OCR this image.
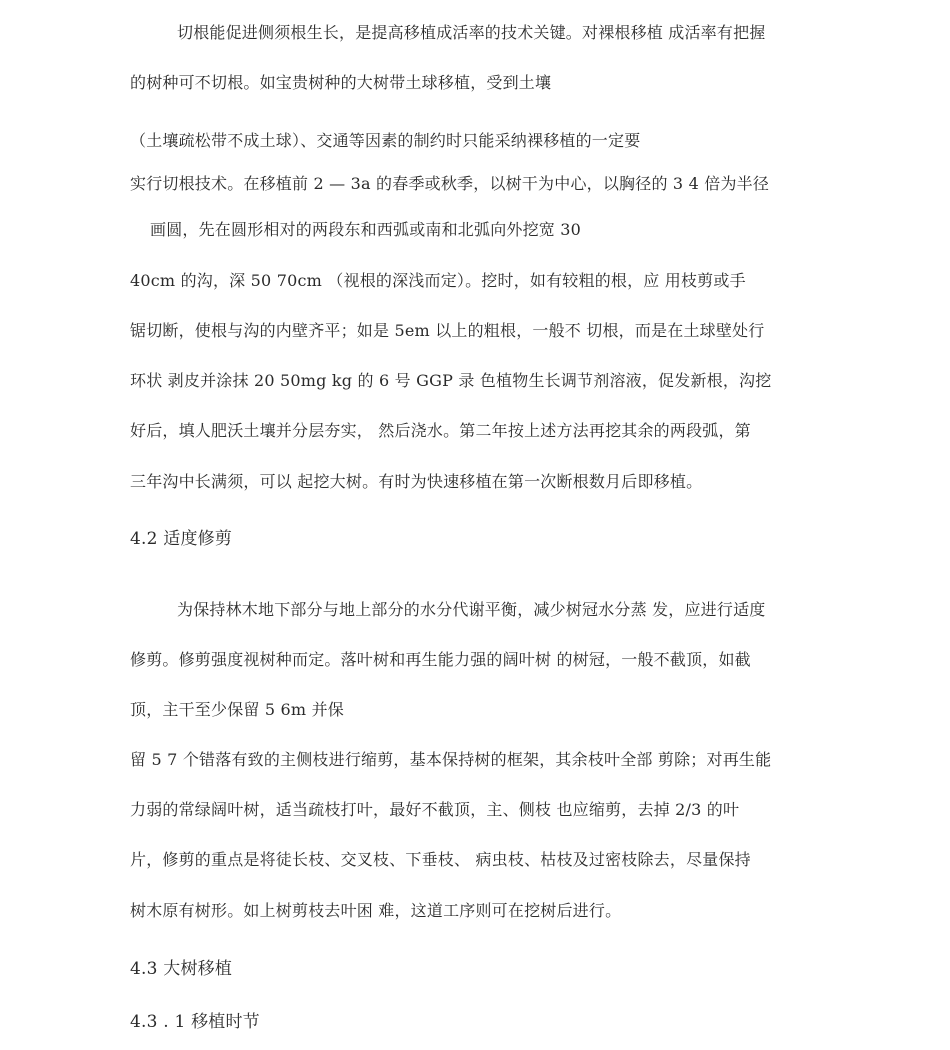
切根能促进侧须根生长，是提高移植成活率的技术关键。对裸根移植 成活率有把握
的树种可不切根。如宝贵树种的大树带土球移植，受到土壤
（土壤疏松带不成土球）、交通等因素的制约时只能采纳裸移植的一定要
实行切根技术。在移植前 2 — 3a 的春季或秋季，以树干为中心，以胸径的 3 4 倍为半径
画圆，先在圆形相对的两段东和西弧或南和北弧向外挖宽 30
40cm 的沟，深 50 70cm （视根的深浅而定）。挖时，如有较粗的根，应 用枝剪或手
锯切断，使根与沟的内壁齐平；如是 5em 以上的粗根，一般不 切根，而是在土球壁处行
环状 剥皮并涂抹 20 50mg kg 的 6 号 GGP 录 色植物生长调节剂溶液，促发新根，沟挖
好后，填人肥沃土壤并分层夯实， 然后浇水。第二年按上述方法再挖其余的两段弧，第
三年沟中长满须，可以 起挖大树。有时为快速移植在第一次断根数月后即移植。
4.2 适度修剪
为保持林木地下部分与地上部分的水分代谢平衡，减少树冠水分蒸 发，应进行适度
修剪。修剪强度视树种而定。落叶树和再生能力强的阔叶树 的树冠，一般不截顶，如截
顶，主干至少保留 5 6m 并保
留 5 7 个错落有致的主侧枝进行缩剪，基本保持树的框架，其余枝叶全部 剪除；对再生能
力弱的常绿阔叶树，适当疏枝打叶，最好不截顶，主、侧枝 也应缩剪，去掉 2/3 的叶
片，修剪的重点是将徒长枝、交叉枝、下垂枝、 病虫枝、枯枝及过密枝除去，尽量保持
树木原有树形。如上树剪枝去叶困 难，这道工序则可在挖树后进行。
4.3 大树移植
4.3 . 1 移植时节
